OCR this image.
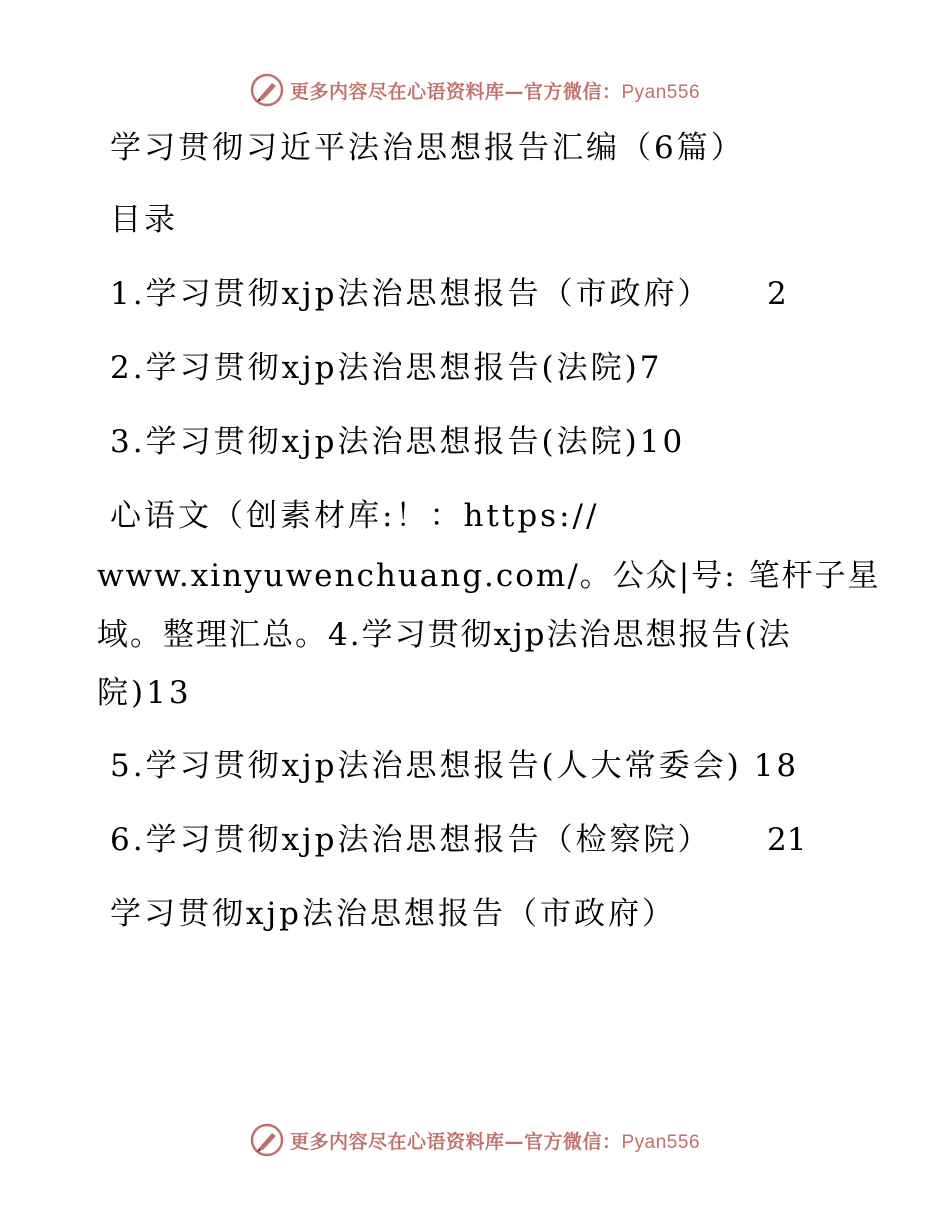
更多内容尽在心语资料库—官方微信：Pyan556
学习贯彻习近平法治思想报告汇编（6篇）
目录
1.学习贯彻xjp法治思想报告（市政府） 2
2.学习贯彻xjp法治思想报告(法院)7
3.学习贯彻xjp法治思想报告(法院)10
心语文（创素材库:！：https://
www.xinyuwenchuang.com/。公众|号: 笔杆子星
域。整理汇总。4.学习贯彻xjp法治思想报告(法
院)13
5.学习贯彻xjp法治思想报告(人大常委会) 18
6.学习贯彻xjp法治思想报告（检察院） 21
学习贯彻xjp法治思想报告（市政府）
更多内容尽在心语资料库—官方微信：Pyan556
